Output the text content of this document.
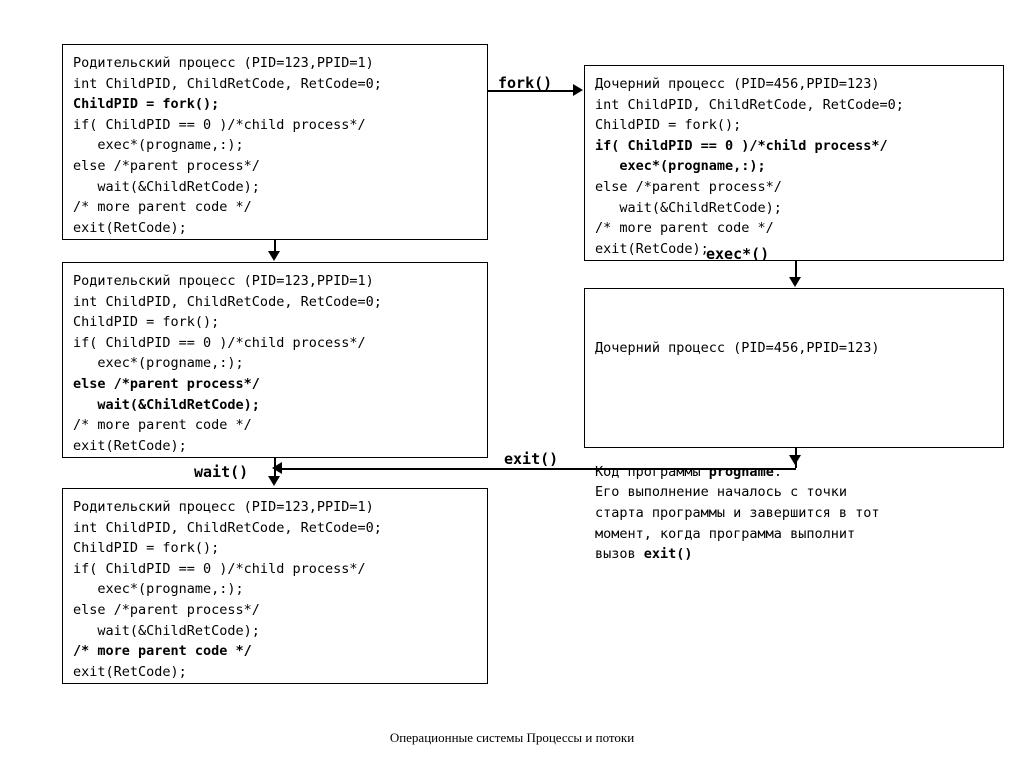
Родительский процесc (PID=123,PPID=1)
int ChildPID, ChildRetCode, RetCode=0;
ChildPID = fork();
if( ChildPID == 0 )/*child process*/
exec*(progname,:);
else /*parent process*/
wait(&ChildRetCode);
/* more parent code */
exit(RetCode);
Родительский процесc (PID=123,PPID=1)
int ChildPID, ChildRetCode, RetCode=0;
ChildPID = fork();
if( ChildPID == 0 )/*child process*/
exec*(progname,:);
else /*parent process*/
wait(&ChildRetCode);
/* more parent code */
exit(RetCode);
Родительский процесc (PID=123,PPID=1)
int ChildPID, ChildRetCode, RetCode=0;
ChildPID = fork();
if( ChildPID == 0 )/*child process*/
exec*(progname,:);
else /*parent process*/
wait(&ChildRetCode);
/* more parent code */
exit(RetCode);
Дочерний процесc (PID=456,PPID=123)
int ChildPID, ChildRetCode, RetCode=0;
ChildPID = fork();
if( ChildPID == 0 )/*child process*/
exec*(progname,:);
else /*parent process*/
wait(&ChildRetCode);
/* more parent code */
exit(RetCode);

Дочерний процесc (PID=456,PPID=123)

Код программы progname.
Его выполнение началось с точки
старта программы и завершится в тот
момент, когда программа выполнит
вызов exit()

fork()
exec*()
exit()
wait()
Операционные системы Процессы и потоки
